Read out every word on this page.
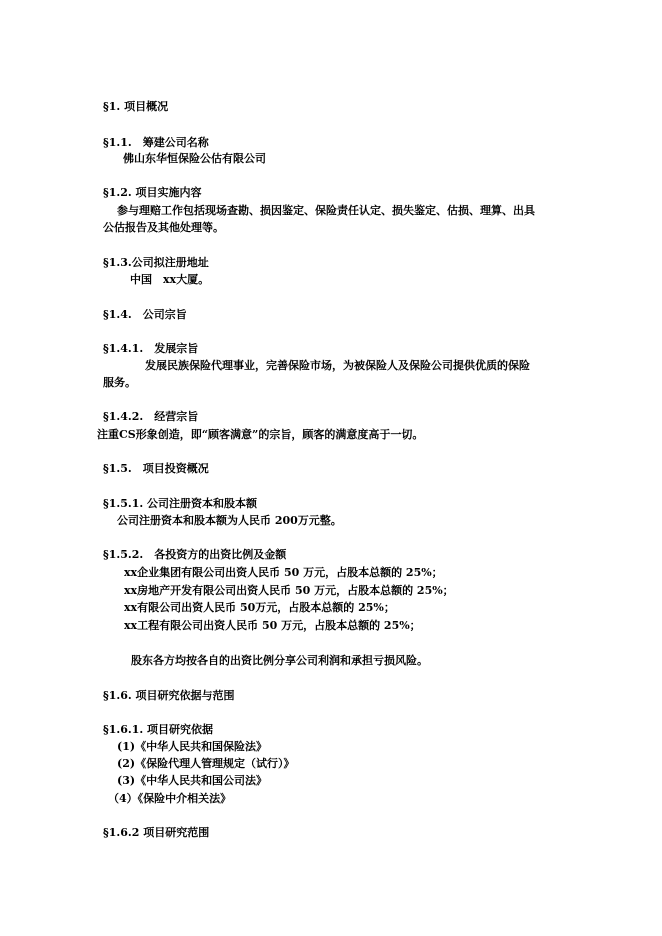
§1. 项目概况
§1.1.　筹建公司名称
佛山东华恒保险公估有限公司
§1.2. 项目实施内容
参与理赔工作包括现场查勘、损因鉴定、保险责任认定、损失鉴定、估损、理算、出具
公估报告及其他处理等。
§1.3.公司拟注册地址
中国　xx大厦。
§1.4.　公司宗旨
§1.4.1.　发展宗旨
发展民族保险代理事业，完善保险市场，为被保险人及保险公司提供优质的保险
服务。
§1.4.2.　经营宗旨
注重CS形象创造，即“顾客满意”的宗旨，顾客的满意度高于一切。
§1.5.　项目投资概况
§1.5.1. 公司注册资本和股本额
公司注册资本和股本额为人民币 200万元整。
§1.5.2.　各投资方的出资比例及金额
xx企业集团有限公司出资人民币 50 万元，占股本总额的 25%；
xx房地产开发有限公司出资人民币 50 万元，占股本总额的 25%；
xx有限公司出资人民币 50万元，占股本总额的 25%；
xx工程有限公司出资人民币 50 万元，占股本总额的 25%；
股东各方均按各自的出资比例分享公司利润和承担亏损风险。
§1.6. 项目研究依据与范围
§1.6.1. 项目研究依据
(1)《中华人民共和国保险法》
(2)《保险代理人管理规定（试行）》
(3)《中华人民共和国公司法》
（4）《保险中介相关法》
§1.6.2 项目研究范围
